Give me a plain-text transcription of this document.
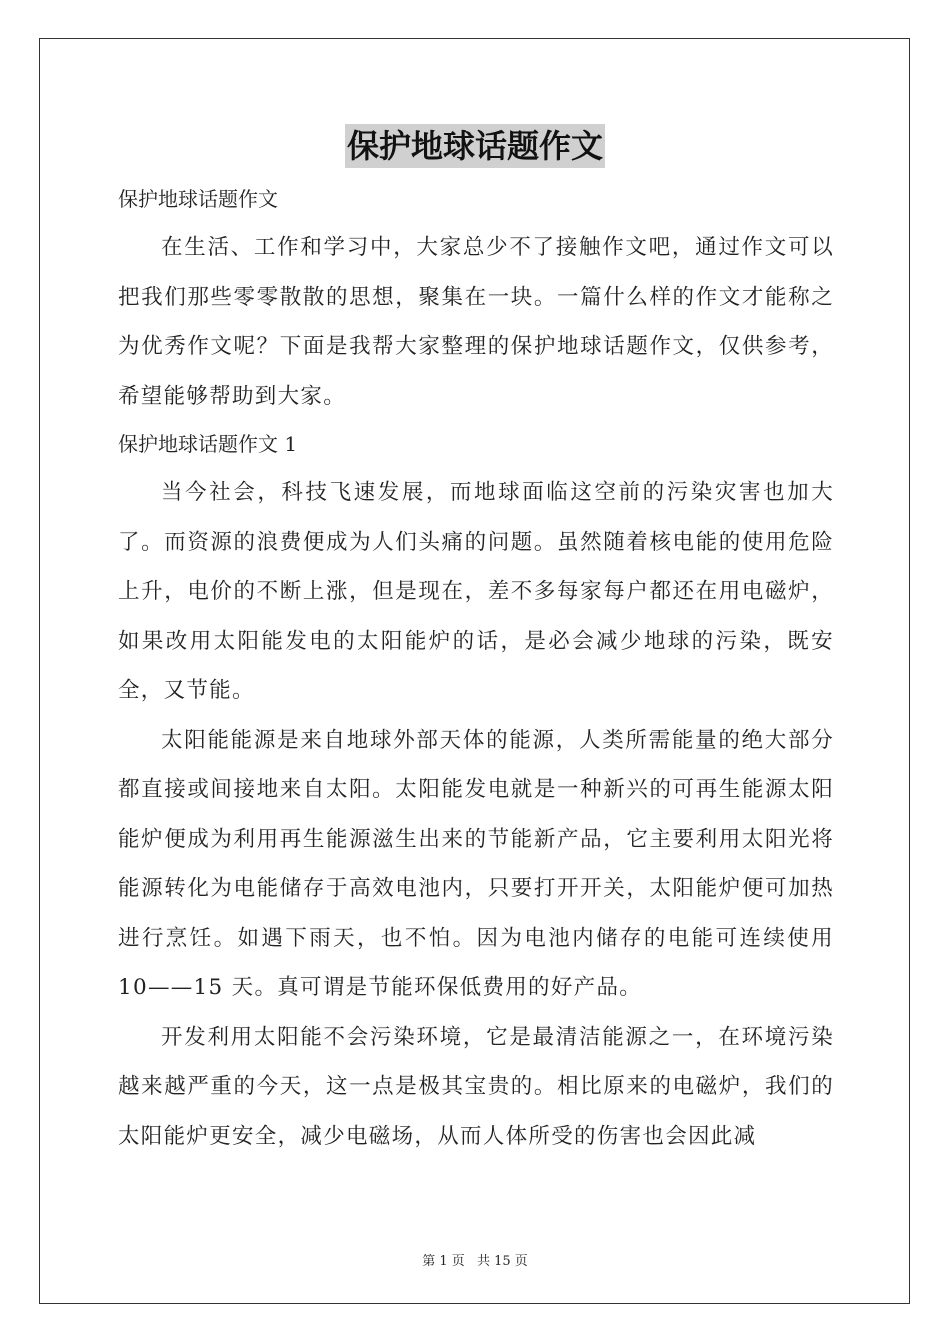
保护地球话题作文

保护地球话题作文

在生活、工作和学习中，大家总少不了接触作文吧，通过作文可以把我们那些零零散散的思想，聚集在一块。一篇什么样的作文才能称之为优秀作文呢？下面是我帮大家整理的保护地球话题作文，仅供参考，希望能够帮助到大家。

保护地球话题作文 1

当今社会，科技飞速发展，而地球面临这空前的污染灾害也加大了。而资源的浪费便成为人们头痛的问题。虽然随着核电能的使用危险上升，电价的不断上涨，但是现在，差不多每家每户都还在用电磁炉，如果改用太阳能发电的太阳能炉的话，是必会减少地球的污染，既安全，又节能。

太阳能能源是来自地球外部天体的能源，人类所需能量的绝大部分都直接或间接地来自太阳。太阳能发电就是一种新兴的可再生能源太阳能炉便成为利用再生能源滋生出来的节能新产品，它主要利用太阳光将能源转化为电能储存于高效电池内，只要打开开关，太阳能炉便可加热进行烹饪。如遇下雨天，也不怕。因为电池内储存的电能可连续使用 10——15 天。真可谓是节能环保低费用的好产品。

开发利用太阳能不会污染环境，它是最清洁能源之一，在环境污染越来越严重的今天，这一点是极其宝贵的。相比原来的电磁炉，我们的太阳能炉更安全，减少电磁场，从而人体所受的伤害也会因此减

第 1 页 共 15 页
